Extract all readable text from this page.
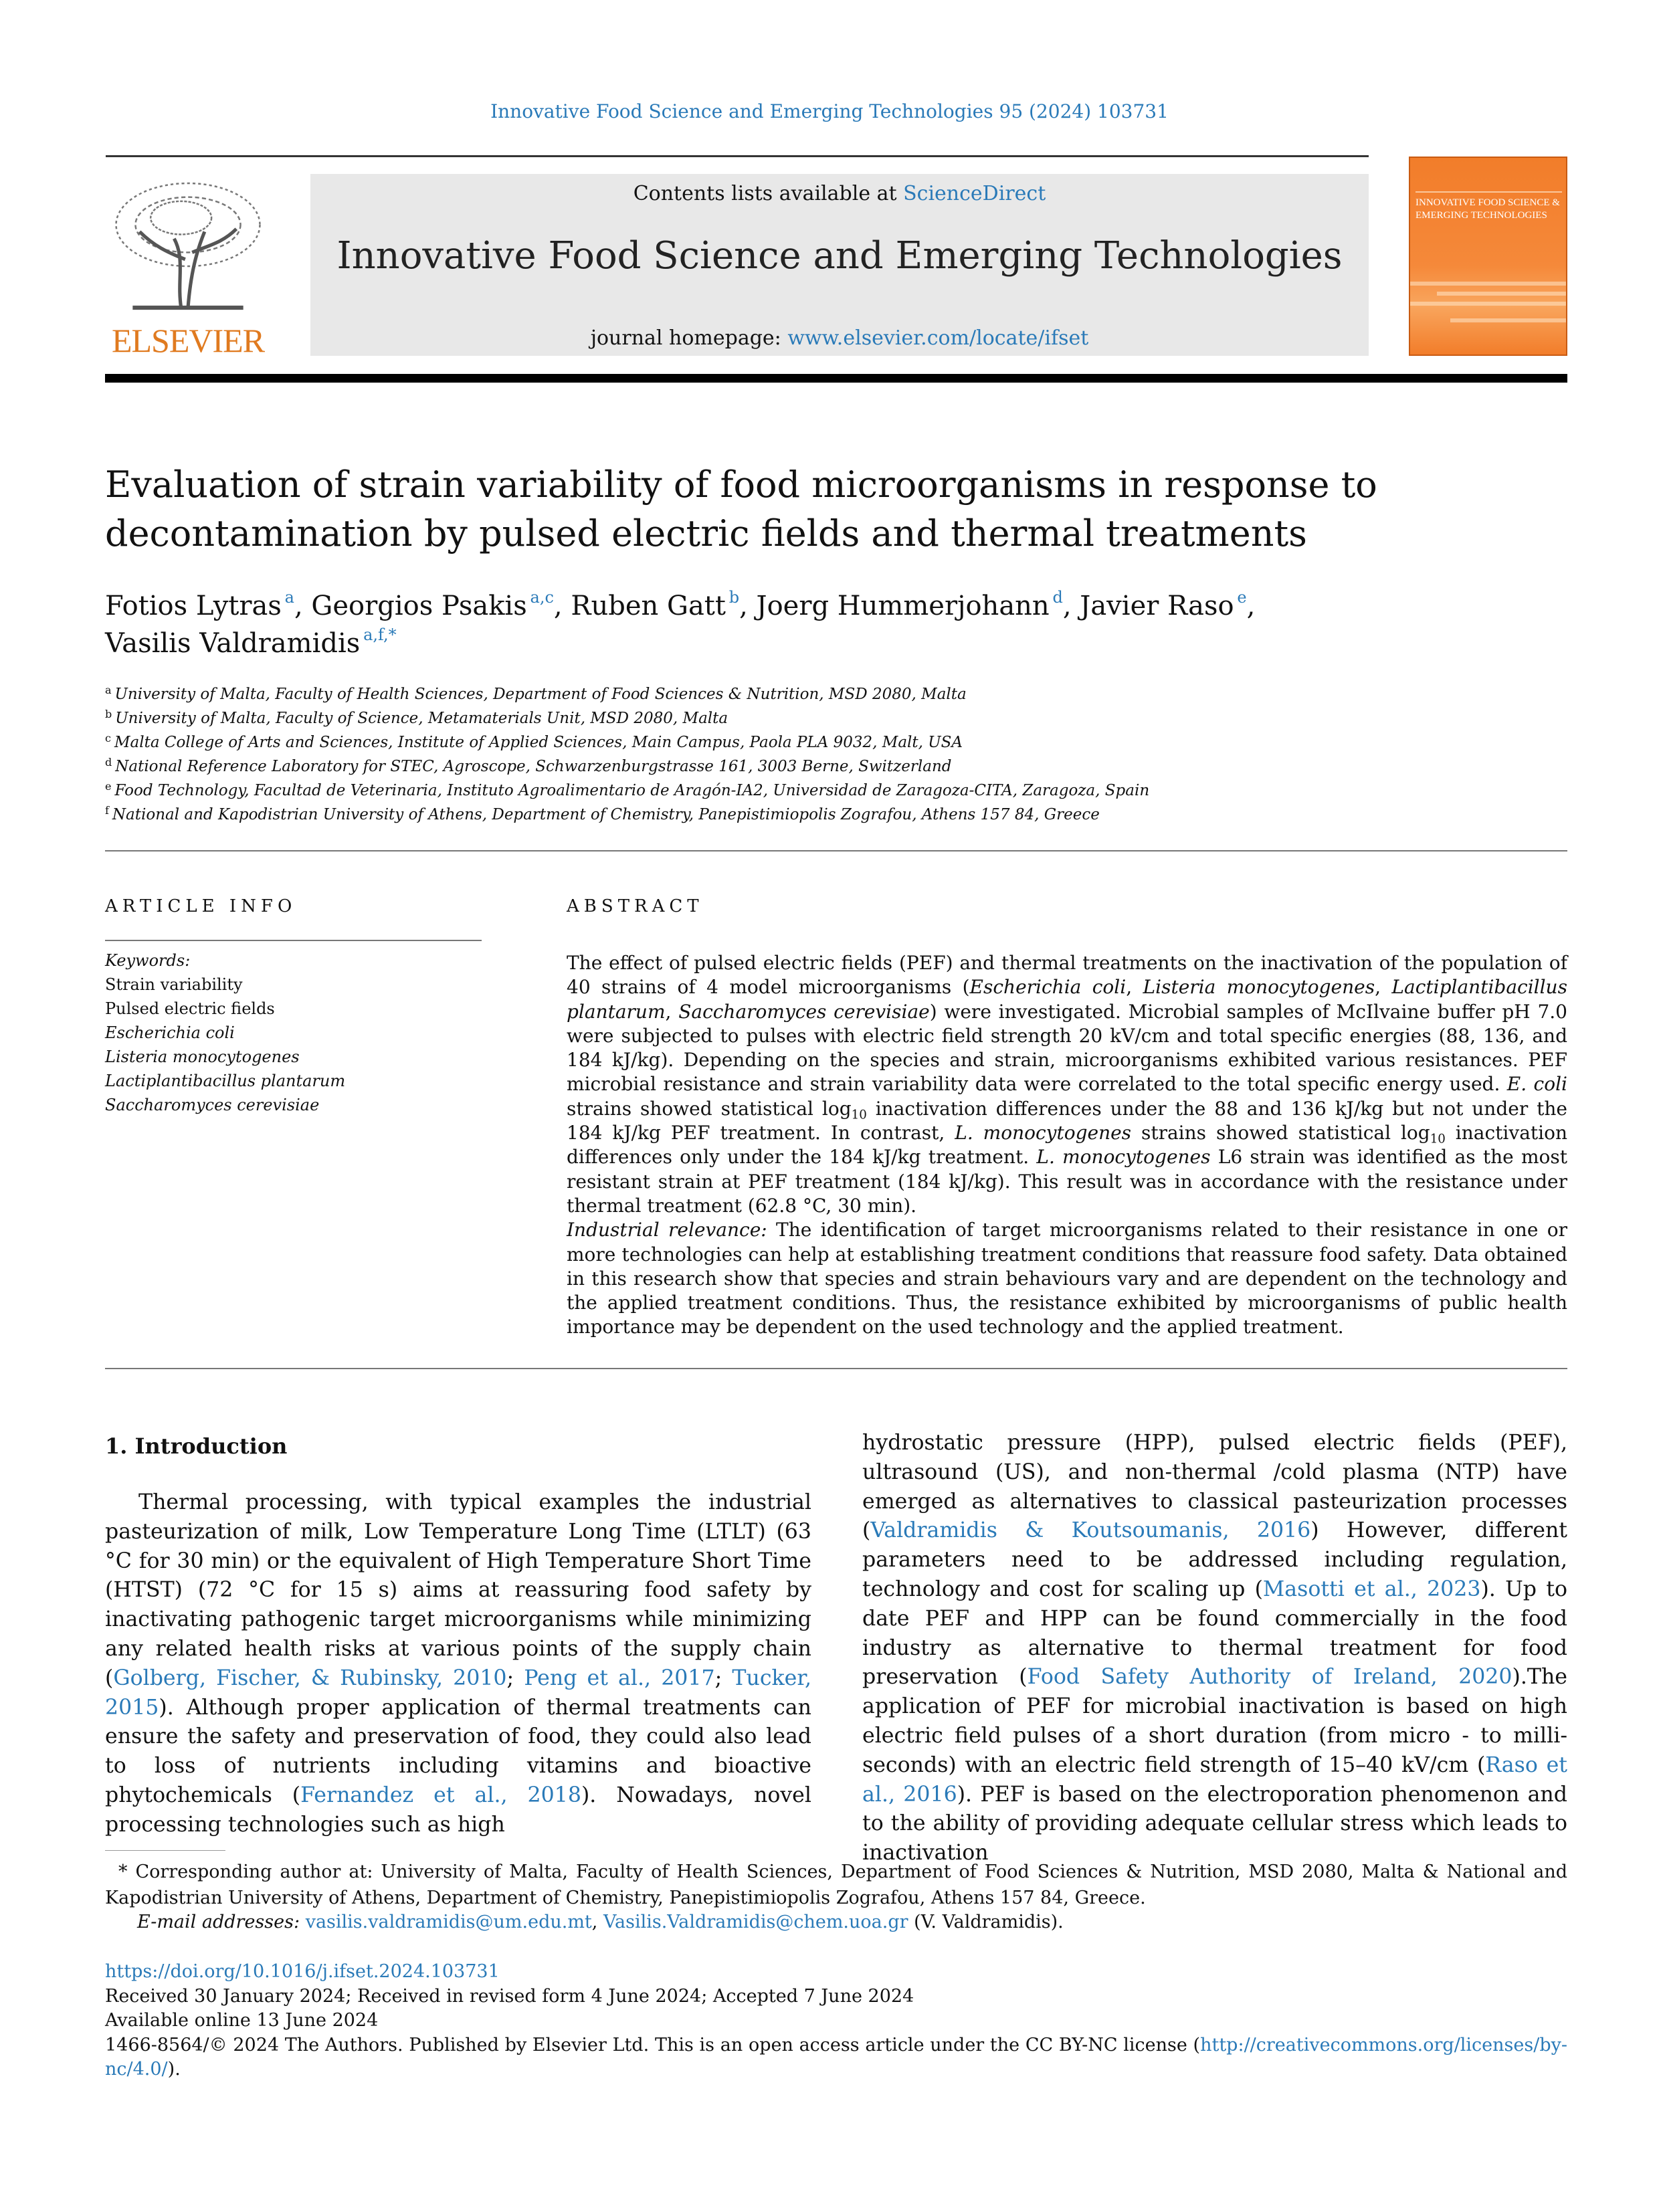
Innovative Food Science and Emerging Technologies 95 (2024) 103731
ELSEVIER
Contents lists available at ScienceDirect
Innovative Food Science and Emerging Technologies
journal homepage: www.elsevier.com/locate/ifset
INNOVATIVE FOOD SCIENCE & EMERGING TECHNOLOGIES
Evaluation of strain variability of food microorganisms in response to decontamination by pulsed electric fields and thermal treatments
Fotios Lytras $^a$, Georgios Psakis $^{a,c}$, Ruben Gatt $^b$, Joerg Hummerjohann $^d$, Javier Raso $^e$,
Vasilis Valdramidis $^{a,f,*}$
$^a$ University of Malta, Faculty of Health Sciences, Department of Food Sciences & Nutrition, MSD 2080, Malta
$^b$ University of Malta, Faculty of Science, Metamaterials Unit, MSD 2080, Malta
$^c$ Malta College of Arts and Sciences, Institute of Applied Sciences, Main Campus, Paola PLA 9032, Malt, USA
$^d$ National Reference Laboratory for STEC, Agroscope, Schwarzenburgstrasse 161, 3003 Berne, Switzerland
$^e$ Food Technology, Facultad de Veterinaria, Instituto Agroalimentario de Aragón-IA2, Universidad de Zaragoza-CITA, Zaragoza, Spain
$^f$ National and Kapodistrian University of Athens, Department of Chemistry, Panepistimiopolis Zografou, Athens 157 84, Greece
ARTICLE INFO	ABSTRACT
Keywords:
Strain variability
Pulsed electric fields
Escherichia coli
Listeria monocytogenes
Lactiplantibacillus plantarum
Saccharomyces cerevisiae

The effect of pulsed electric fields (PEF) and thermal treatments on the inactivation of the population of 40 strains of 4 model microorganisms (Escherichia coli, Listeria monocytogenes, Lactiplantibacillus plantarum, Saccharomyces cerevisiae) were investigated. Microbial samples of McIlvaine buffer pH 7.0 were subjected to pulses with electric field strength 20 kV/cm and total specific energies (88, 136, and 184 kJ/kg). Depending on the species and strain, microorganisms exhibited various resistances. PEF microbial resistance and strain variability data were correlated to the total specific energy used. E. coli strains showed statistical $\log_{10}$ inactivation differences under the 88 and 136 kJ/kg but not under the 184 kJ/kg PEF treatment. In contrast, L. monocytogenes strains showed statistical $\log_{10}$ inactivation differences only under the 184 kJ/kg treatment. L. monocytogenes L6 strain was identified as the most resistant strain at PEF treatment (184 kJ/kg). This result was in accordance with the resistance under thermal treatment (62.8 °C, 30 min).

Industrial relevance: The identification of target microorganisms related to their resistance in one or more technologies can help at establishing treatment conditions that reassure food safety. Data obtained in this research show that species and strain behaviours vary and are dependent on the technology and the applied treatment conditions. Thus, the resistance exhibited by microorganisms of public health importance may be dependent on the used technology and the applied treatment.

1. Introduction
Thermal processing, with typical examples the industrial pasteurization of milk, Low Temperature Long Time (LTLT) (63 °C for 30 min) or the equivalent of High Temperature Short Time (HTST) (72 °C for 15 s) aims at reassuring food safety by inactivating pathogenic target microorganisms while minimizing any related health risks at various points of the supply chain (Golberg, Fischer, & Rubinsky, 2010; Peng et al., 2017; Tucker, 2015). Although proper application of thermal treatments can ensure the safety and preservation of food, they could also lead to loss of nutrients including vitamins and bioactive phytochemicals (Fernandez et al., 2018). Nowadays, novel processing technologies such as high
hydrostatic pressure (HPP), pulsed electric fields (PEF), ultrasound (US), and non-thermal /cold plasma (NTP) have emerged as alternatives to classical pasteurization processes (Valdramidis & Koutsoumanis, 2016) However, different parameters need to be addressed including regulation, technology and cost for scaling up (Masotti et al., 2023). Up to date PEF and HPP can be found commercially in the food industry as alternative to thermal treatment for food preservation (Food Safety Authority of Ireland, 2020).The application of PEF for microbial inactivation is based on high electric field pulses of a short duration (from micro - to milli-seconds) with an electric field strength of 15–40 kV/cm (Raso et al., 2016). PEF is based on the electroporation phenomenon and to the ability of providing adequate cellular stress which leads to inactivation
* Corresponding author at: University of Malta, Faculty of Health Sciences, Department of Food Sciences & Nutrition, MSD 2080, Malta & National and Kapodistrian University of Athens, Department of Chemistry, Panepistimiopolis Zografou, Athens 157 84, Greece.
E-mail addresses: vasilis.valdramidis@um.edu.mt, Vasilis.Valdramidis@chem.uoa.gr (V. Valdramidis).
https://doi.org/10.1016/j.ifset.2024.103731
Received 30 January 2024; Received in revised form 4 June 2024; Accepted 7 June 2024
Available online 13 June 2024
1466-8564/© 2024 The Authors. Published by Elsevier Ltd. This is an open access article under the CC BY-NC license (http://creativecommons.org/licenses/by-nc/4.0/).
